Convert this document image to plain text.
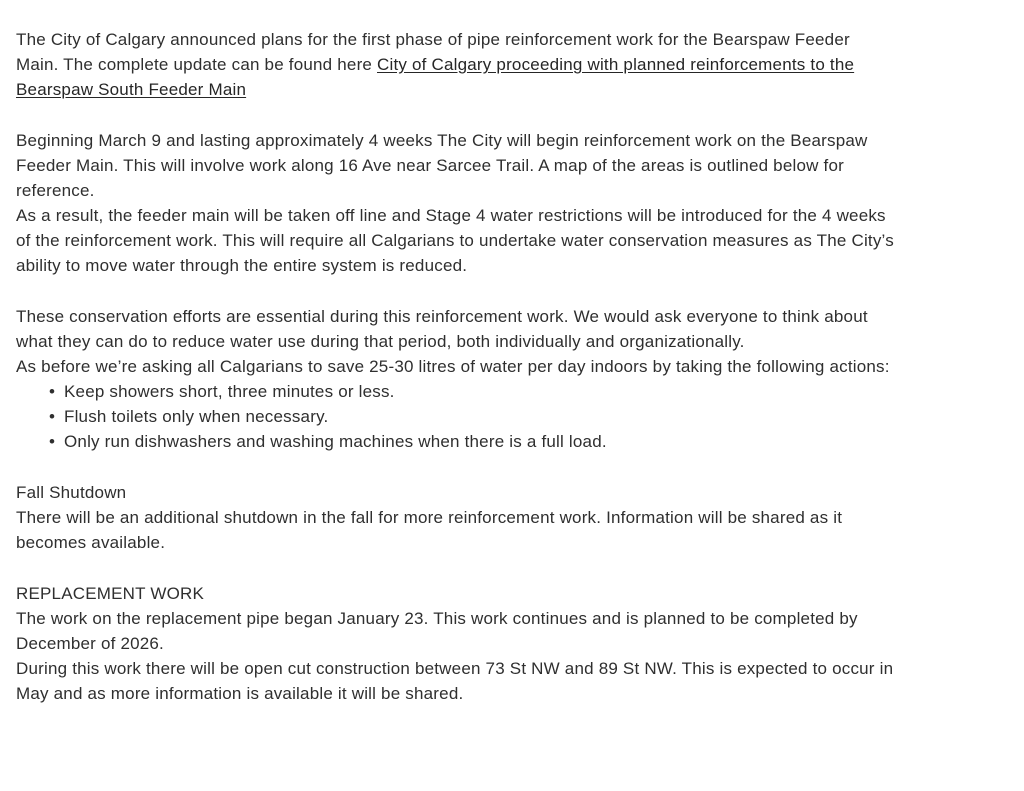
The City of Calgary announced plans for the first phase of pipe reinforcement work for the Bearspaw Feeder
Main. The complete update can be found here City of Calgary proceeding with planned reinforcements to the
Bearspaw South Feeder Main
Beginning March 9 and lasting approximately 4 weeks The City will begin reinforcement work on the Bearspaw
Feeder Main. This will involve work along 16 Ave near Sarcee Trail. A map of the areas is outlined below for
reference.
As a result, the feeder main will be taken off line and Stage 4 water restrictions will be introduced for the 4 weeks
of the reinforcement work. This will require all Calgarians to undertake water conservation measures as The City’s
ability to move water through the entire system is reduced.
These conservation efforts are essential during this reinforcement work. We would ask everyone to think about
what they can do to reduce water use during that period, both individually and organizationally.
As before we’re asking all Calgarians to save 25-30 litres of water per day indoors by taking the following actions:
• Keep showers short, three minutes or less.
• Flush toilets only when necessary.
• Only run dishwashers and washing machines when there is a full load.
Fall Shutdown
There will be an additional shutdown in the fall for more reinforcement work. Information will be shared as it
becomes available.
REPLACEMENT WORK
The work on the replacement pipe began January 23. This work continues and is planned to be completed by
December of 2026.
During this work there will be open cut construction between 73 St NW and 89 St NW. This is expected to occur in
May and as more information is available it will be shared.
